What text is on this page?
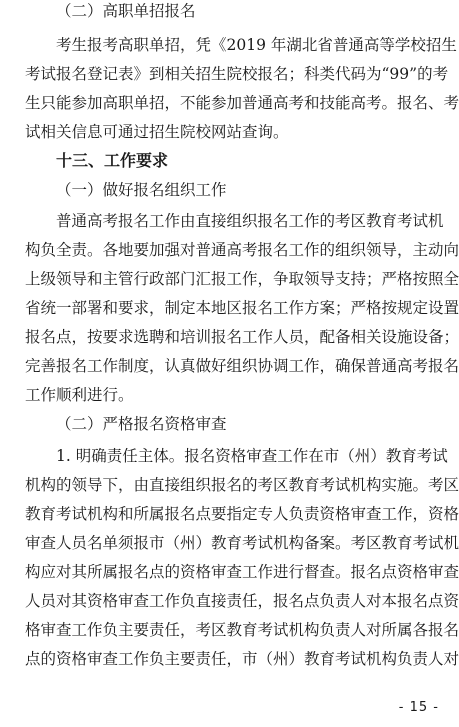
（二）高职单招报名
考生报考高职单招，凭《2019 年湖北省普通高等学校招生
考试报名登记表》到相关招生院校报名；科类代码为“99”的考
生只能参加高职单招，不能参加普通高考和技能高考。报名、考
试相关信息可通过招生院校网站查询。
十三、工作要求
（一）做好报名组织工作
普通高考报名工作由直接组织报名工作的考区教育考试机
构负全责。各地要加强对普通高考报名工作的组织领导，主动向
上级领导和主管行政部门汇报工作，争取领导支持；严格按照全
省统一部署和要求，制定本地区报名工作方案；严格按规定设置
报名点，按要求选聘和培训报名工作人员，配备相关设施设备；
完善报名工作制度，认真做好组织协调工作，确保普通高考报名
工作顺利进行。
（二）严格报名资格审查
1. 明确责任主体。报名资格审查工作在市（州）教育考试
机构的领导下，由直接组织报名的考区教育考试机构实施。考区
教育考试机构和所属报名点要指定专人负责资格审查工作，资格
审查人员名单须报市（州）教育考试机构备案。考区教育考试机
构应对其所属报名点的资格审查工作进行督查。报名点资格审查
人员对其资格审查工作负直接责任，报名点负责人对本报名点资
格审查工作负主要责任，考区教育考试机构负责人对所属各报名
点的资格审查工作负主要责任，市（州）教育考试机构负责人对
- 15 -
